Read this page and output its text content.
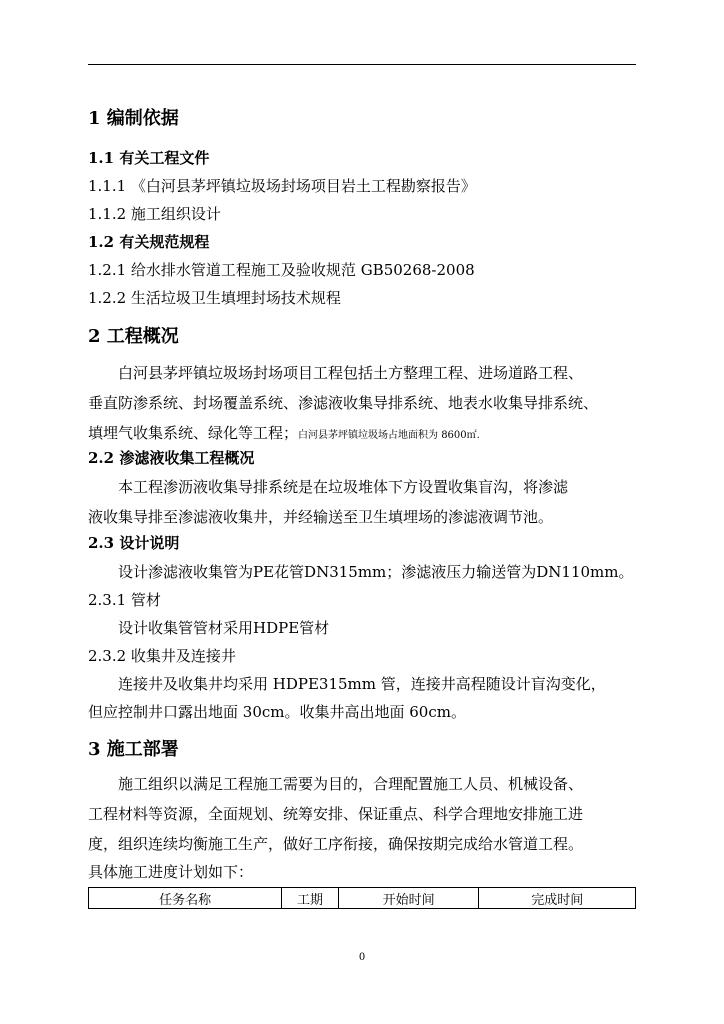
1 编制依据
1.1 有关工程文件
1.1.1 《白河县茅坪镇垃圾场封场项目岩土工程勘察报告》
1.1.2 施工组织设计
1.2 有关规范规程
1.2.1 给水排水管道工程施工及验收规范 GB50268-2008
1.2.2 生活垃圾卫生填埋封场技术规程
2 工程概况
白河县茅坪镇垃圾场封场项目工程包括土方整理工程、进场道路工程、
垂直防渗系统、封场覆盖系统、渗滤液收集导排系统、地表水收集导排系统、
填埋气收集系统、绿化等工程；白河县茅坪镇垃圾场占地面积为 8600㎡.
2.2 渗滤液收集工程概况
本工程渗沥液收集导排系统是在垃圾堆体下方设置收集盲沟，将渗滤
液收集导排至渗滤液收集井，并经输送至卫生填埋场的渗滤液调节池。
2.3 设计说明
设计渗滤液收集管为PE花管DN315mm；渗滤液压力输送管为DN110mm。
2.3.1 管材
设计收集管管材采用HDPE管材
2.3.2 收集井及连接井
连接井及收集井均采用 HDPE315mm 管，连接井高程随设计盲沟变化，
但应控制井口露出地面 30cm。收集井高出地面 60cm。
3 施工部署
施工组织以满足工程施工需要为目的，合理配置施工人员、机械设备、
工程材料等资源，全面规划、统筹安排、保证重点、科学合理地安排施工进
度，组织连续均衡施工生产，做好工序衔接，确保按期完成给水管道工程。
具体施工进度计划如下：
任务名称	工期	开始时间	完成时间
0
